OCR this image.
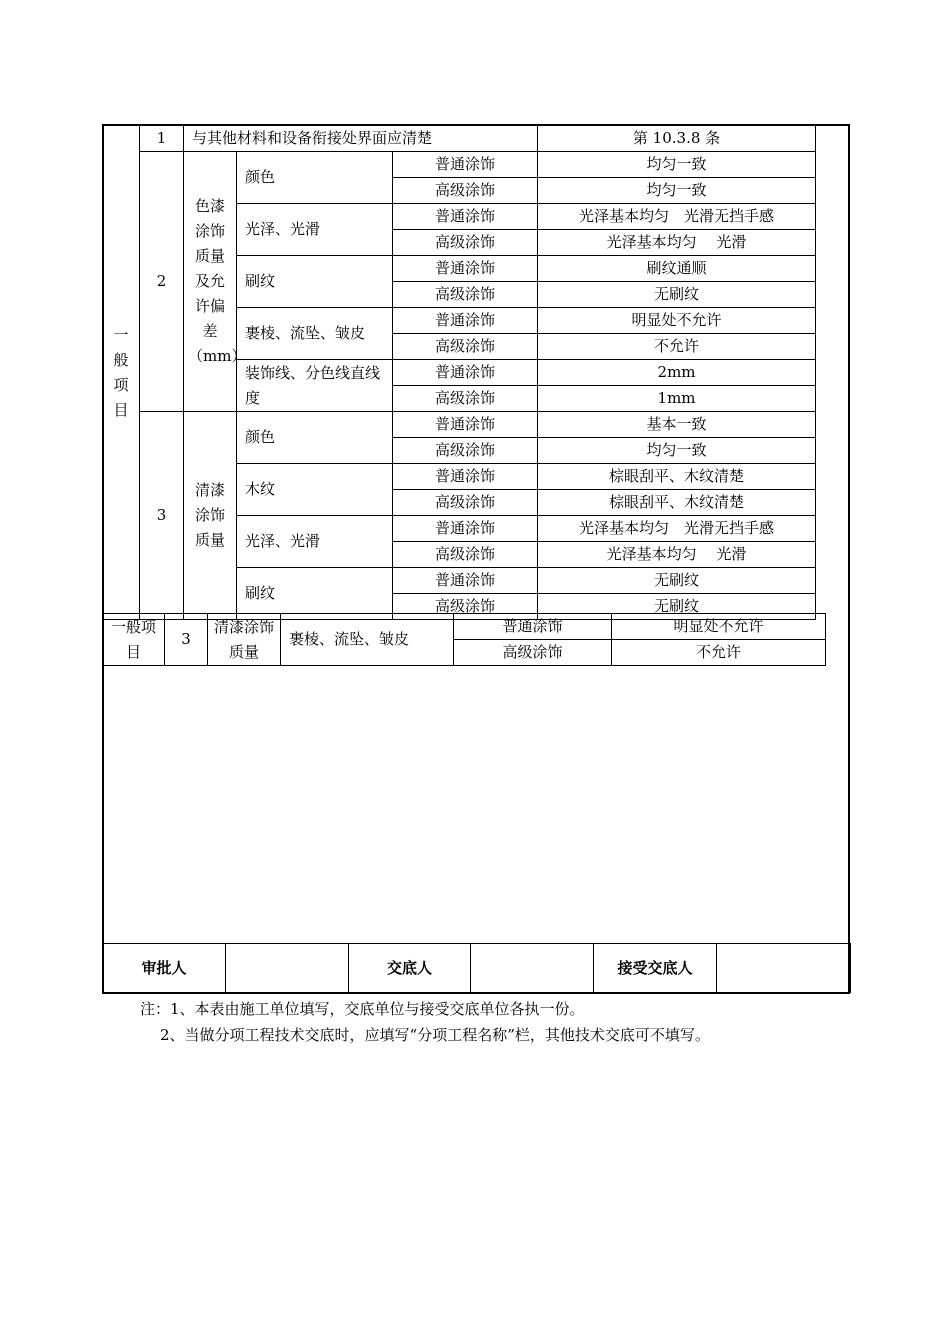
一般项目	1	与其他材料和设备衔接处界面应清楚			第 10.3.8 条
	2	色漆涂饰质量及允许偏差（mm）	颜色	普通涂饰	均匀一致
				高级涂饰	均匀一致
			光泽、光滑	普通涂饰	光泽基本均匀　光滑无挡手感
				高级涂饰	光泽基本均匀　 光滑
			刷纹	普通涂饰	刷纹通顺
				高级涂饰	无刷纹
			裹棱、流坠、皱皮	普通涂饰	明显处不允许
				高级涂饰	不允许
			装饰线、分色线直线度	普通涂饰	2mm
				高级涂饰	1mm
	3	清漆涂饰质量	颜色	普通涂饰	基本一致
				高级涂饰	均匀一致
			木纹	普通涂饰	棕眼刮平、木纹清楚
				高级涂饰	棕眼刮平、木纹清楚
			光泽、光滑	普通涂饰	光泽基本均匀　光滑无挡手感
				高级涂饰	光泽基本均匀　 光滑
			刷纹	普通涂饰	无刷纹
				高级涂饰	无刷纹
一般项目	3	清漆涂饰质量	裹棱、流坠、皱皮	普通涂饰	明显处不允许
				高级涂饰	不允许
审批人		交底人		接受交底人	
注：1、本表由施工单位填写，交底单位与接受交底单位各执一份。
2、当做分项工程技术交底时，应填写“分项工程名称”栏，其他技术交底可不填写。
